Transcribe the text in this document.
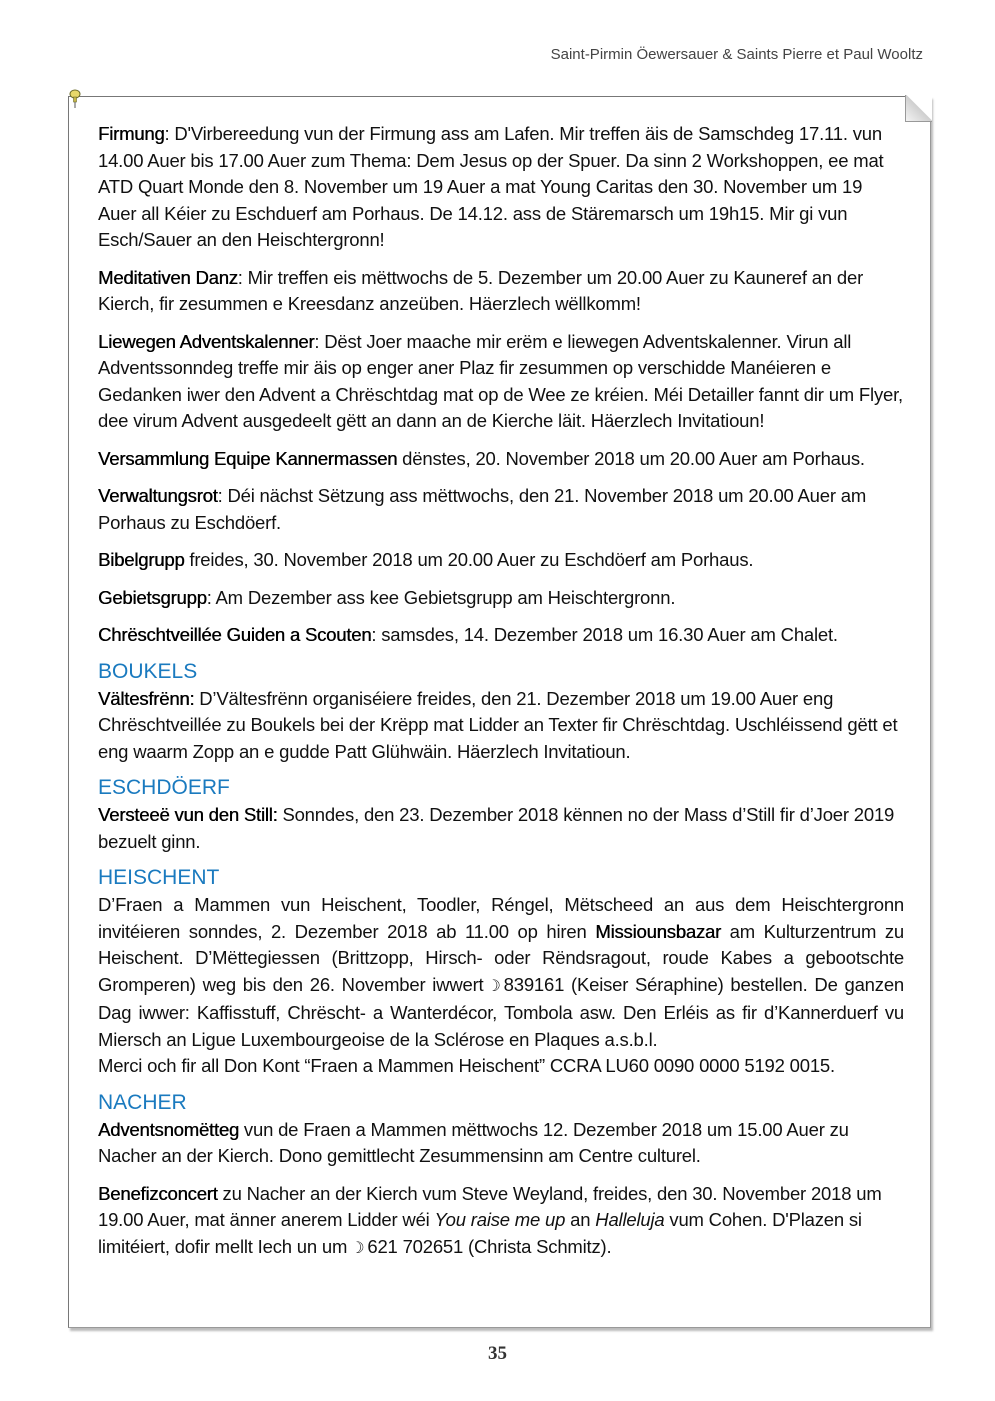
Saint-Pirmin Öewersauer & Saints Pierre et Paul Wooltz

Firmung: D'Virbereedung vun der Firmung ass am Lafen. Mir treffen äis de Samschdeg 17.11. vun 14.00 Auer bis 17.00 Auer zum Thema: Dem Jesus op der Spuer. Da sinn 2 Workshoppen, ee mat ATD Quart Monde den 8. November um 19 Auer a mat Young Caritas den 30. November um 19 Auer all Kéier zu Eschduerf am Porhaus. De 14.12. ass de Stäremarsch um 19h15. Mir gi vun Esch/Sauer an den Heischtergronn!

Meditativen Danz: Mir treffen eis mëttwochs de 5. Dezember um 20.00 Auer zu Kauneref an der Kierch, fir zesummen e Kreesdanz anzeüben. Häerzlech wëllkomm!

Liewegen Adventskalenner: Dëst Joer maache mir erëm e liewegen Adventskalenner. Virun all Adventssonndeg treffe mir äis op enger aner Plaz fir zesummen op verschidde Manéieren e Gedanken iwer den Advent a Chrëschtdag mat op de Wee ze kréien. Méi Detailler fannt dir um Flyer, dee virum Advent ausgedeelt gëtt an dann an de Kierche läit. Häerzlech Invitatioun!

Versammlung Equipe Kannermassen dënstes, 20. November 2018 um 20.00 Auer am Porhaus.

Verwaltungsrot: Déi nächst Sëtzung ass mëttwochs, den 21. November 2018 um 20.00 Auer am Porhaus zu Eschdöerf.

Bibelgrupp freides, 30. November 2018 um 20.00 Auer zu Eschdöerf am Porhaus.

Gebietsgrupp: Am Dezember ass kee Gebietsgrupp am Heischtergronn.

Chrëschtveillée Guiden a Scouten: samsdes, 14. Dezember 2018 um 16.30 Auer am Chalet.

BOUKELS

Vältesfrënn: D’Vältesfrënn organiséiere freides, den 21. Dezember 2018 um 19.00 Auer eng Chrëschtveillée zu Boukels bei der Krëpp mat Lidder an Texter fir Chrëschtdag. Uschléissend gëtt et eng waarm Zopp an e gudde Patt Glühwäin. Häerzlech Invitatioun.

ESCHDÖERF

Versteeë vun den Still: Sonndes, den 23. Dezember 2018 kënnen no der Mass d’Still fir d’Joer 2019 bezuelt ginn.

HEISCHENT

D’Fraen a Mammen vun Heischent, Toodler, Réngel, Mëtscheed an aus dem Heischtergronn invitéieren sonndes, 2. Dezember 2018 ab 11.00 op hiren Missiounsbazar am Kulturzentrum zu Heischent. D’Mëttegiessen (Brittzopp, Hirsch- oder Rëndsragout, roude Kabes a gebootschte Gromperen) weg bis den 26. November iwwert ☽ 839161 (Keiser Séraphine) bestellen. De ganzen Dag iwwer: Kaffisstuff, Chrëscht- a Wanterdécor, Tombola asw. Den Erléis as fir d’Kannerduerf vu Miersch an Ligue Luxembourgeoise de la Sclérose en Plaques a.s.b.l.

Merci och fir all Don Kont “Fraen a Mammen Heischent” CCRA LU60 0090 0000 5192 0015.

NACHER

Adventsnomëtteg vun de Fraen a Mammen mëttwochs 12. Dezember 2018 um 15.00 Auer zu Nacher an der Kierch. Dono gemittlecht Zesummensinn am Centre culturel.

Benefizconcert zu Nacher an der Kierch vum Steve Weyland, freides, den 30. November 2018 um 19.00 Auer, mat änner anerem Lidder wéi You raise me up an Halleluja vum Cohen. D'Plazen si limitéiert, dofir mellt Iech un um ☽ 621 702651 (Christa Schmitz).

35
